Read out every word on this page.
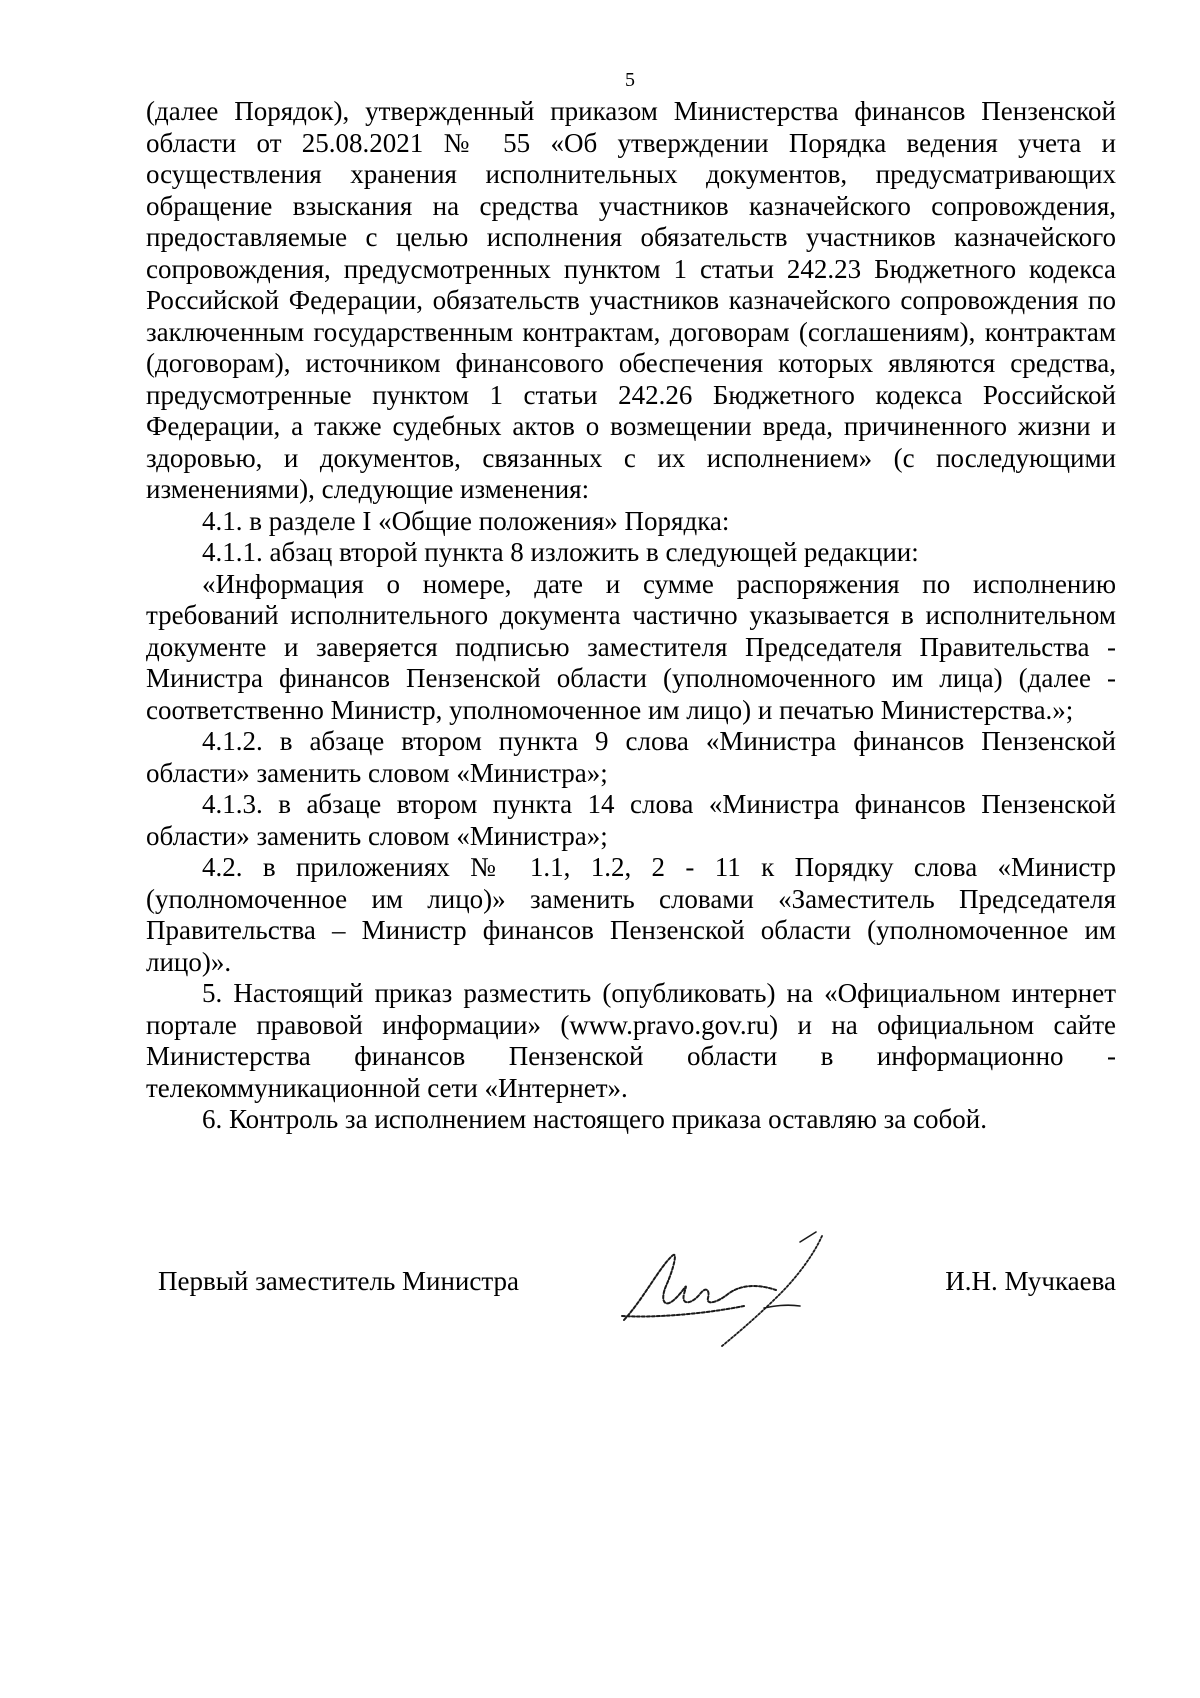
5

(далее Порядок), утвержденный приказом Министерства финансов Пензенской области от 25.08.2021 № 55 «Об утверждении Порядка ведения учета и осуществления хранения исполнительных документов, предусматривающих обращение взыскания на средства участников казначейского сопровождения, предоставляемые с целью исполнения обязательств участников казначейского сопровождения, предусмотренных пунктом 1 статьи 242.23 Бюджетного кодекса Российской Федерации, обязательств участников казначейского сопровождения по заключенным государственным контрактам, договорам (соглашениям), контрактам (договорам), источником финансового обеспечения которых являются средства, предусмотренные пунктом 1 статьи 242.26 Бюджетного кодекса Российской Федерации, а также судебных актов о возмещении вреда, причиненного жизни и здоровью, и документов, связанных с их исполнением» (с последующими изменениями), следующие изменения:

4.1. в разделе I «Общие положения» Порядка:

4.1.1. абзац второй пункта 8 изложить в следующей редакции:

«Информация о номере, дате и сумме распоряжения по исполнению требований исполнительного документа частично указывается в исполнительном документе и заверяется подписью заместителя Председателя Правительства - Министра финансов Пензенской области (уполномоченного им лица) (далее - соответственно Министр, уполномоченное им лицо) и печатью Министерства.»;

4.1.2. в абзаце втором пункта 9 слова «Министра финансов Пензенской области» заменить словом «Министра»;

4.1.3. в абзаце втором пункта 14 слова «Министра финансов Пензенской области» заменить словом «Министра»;

4.2. в приложениях № 1.1, 1.2, 2 - 11 к Порядку слова «Министр (уполномоченное им лицо)» заменить словами «Заместитель Председателя Правительства – Министр финансов Пензенской области (уполномоченное им лицо)».

5. Настоящий приказ разместить (опубликовать) на «Официальном интернет портале правовой информации» (www.pravo.gov.ru) и на официальном сайте Министерства финансов Пензенской области в информационно - телекоммуникационной сети «Интернет».

6. Контроль за исполнением настоящего приказа оставляю за собой.

Первый заместитель Министра	И.Н. Мучкаева
